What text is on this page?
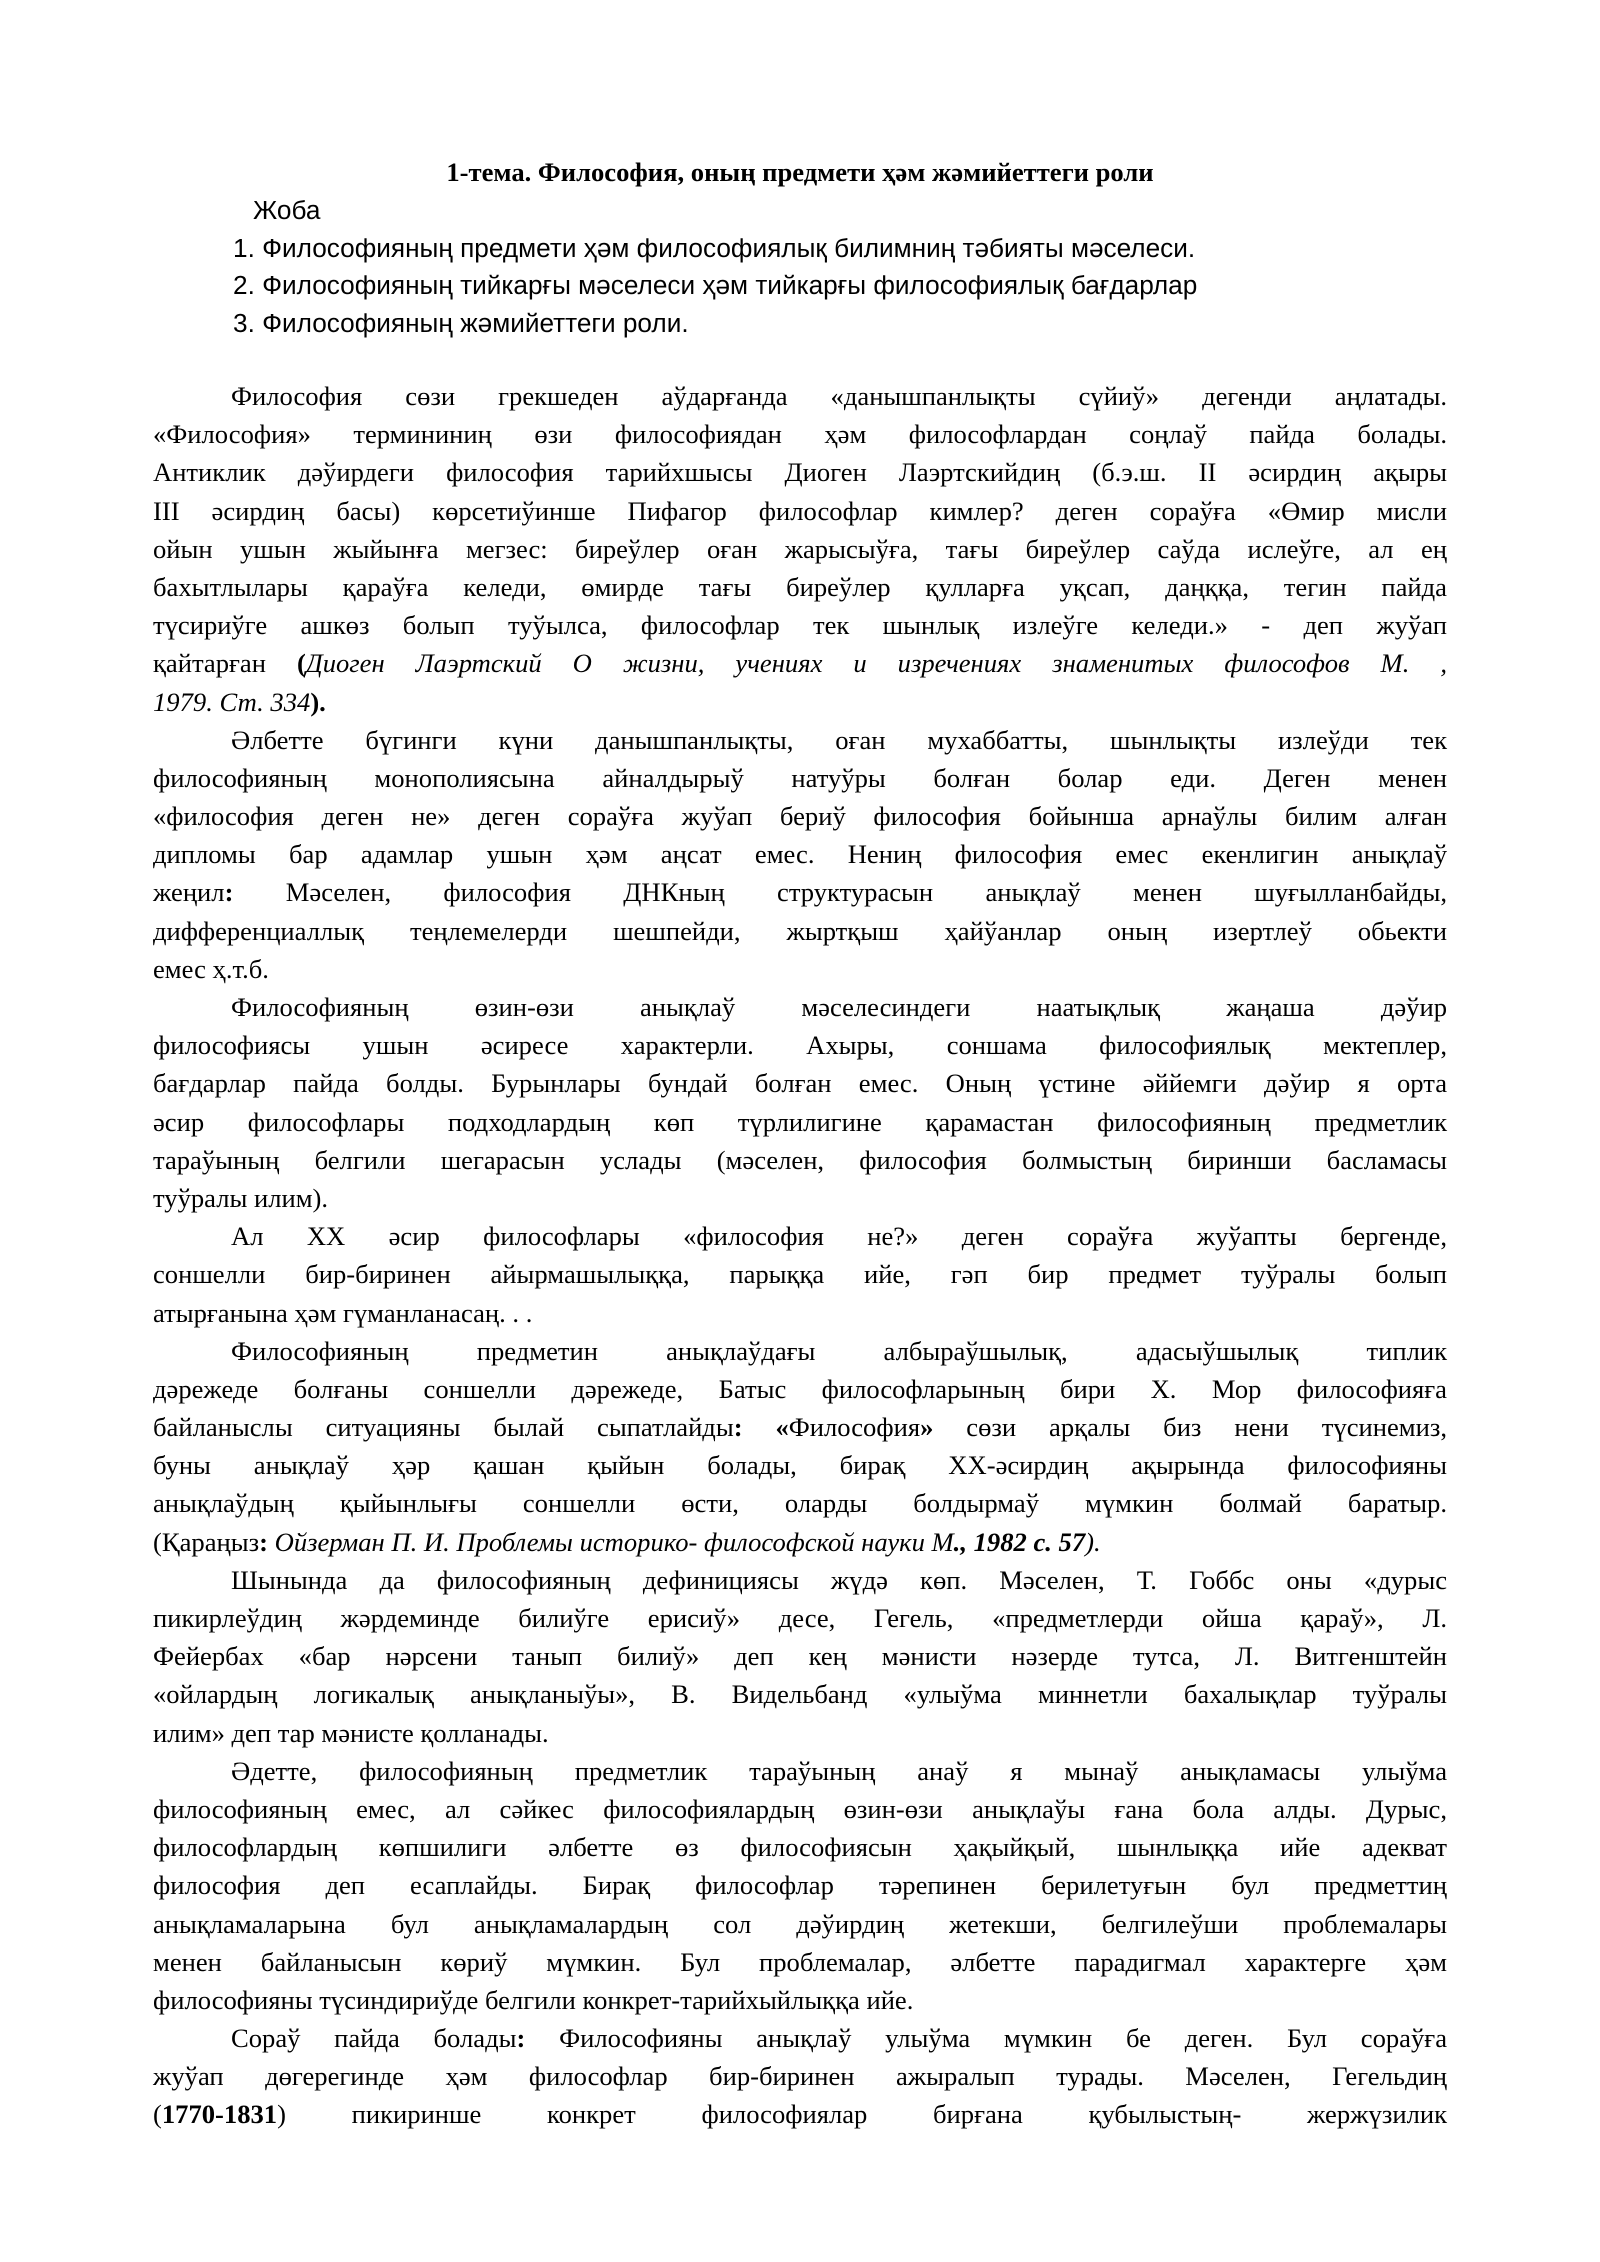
1-тема. Философия, оның предмети ҳәм жәмийеттеги роли

Жоба
1. Философияның предмети ҳәм философиялық билимниң тәбияты мәселеси.
2. Философияның тийкарғы мәселеси ҳәм тийкарғы философиялық бағдарлар
3. Философияның жәмийеттеги роли.
Философия сөзи грекшеден аўдарғанда «данышпанлықты сүйиў» дегенди аңлатады.
«Философия» термининиң өзи философиядан ҳәм философлардан соңлаў пайда болады.
Антиклик дәўирдеги философия тарийхшысы Диоген Лаэртскийдиң (б.э.ш. II әсирдиң ақыры
III әсирдиң басы) көрсетиўинше Пифагор философлар кимлер? деген сораўға «Өмир мисли
ойын ушын жыйынға мегзес: биреўлер оған жарысыўға, тағы биреўлер саўда ислеўге, ал ең
бахытлылары қараўға келеди, өмирде тағы биреўлер қулларға уқсап, даңққа, тегин пайда
түсириўге ашкөз болып туўылса, философлар тек шынлық излеўге келеди.» - деп жуўап
қайтарған (Диоген Лаэртский О жизни, учениях и изречениях знаменитых философов М. ,
1979. Ст. 334).
Әлбетте бүгинги күни данышпанлықты, оған мухаббатты, шынлықты излеўди тек
философияның монополиясына айналдырыў натуўры болған болар еди. Деген менен
«философия деген не» деген сораўға жуўап бериў философия бойынша арнаўлы билим алған
дипломы бар адамлар ушын ҳәм аңсат емес. Нениң философия емес екенлигин анықлаў
жеңил: Мәселен, философия ДНКның структурасын анықлаў менен шуғылланбайды,
дифференциаллық теңлемелерди шешпейди, жыртқыш ҳайўанлар оның изертлеў обьекти
емес ҳ.т.б.
Философияның өзин-өзи анықлаў мәселесиндеги наатықлық жаңаша дәўир
философиясы ушын әсиресе характерли. Ахыры, соншама философиялық мектеплер,
бағдарлар пайда болды. Бурынлары бундай болған емес. Оның үстине әййемги дәўир я орта
әсир философлары подходлардың көп түрлилигине қарамастан философияның предметлик
тараўының белгили шегарасын услады (мәселен, философия болмыстың биринши басламасы
туўралы илим).
Ал XX әсир философлары «философия не?» деген сораўға жуўапты бергенде,
соншелли бир-биринен айырмашылыққа, парыққа ийе, гәп бир предмет туўралы болып
атырғанына ҳәм гүманланасаң. . .
Философияның предметин анықлаўдағы албыраўшылық, адасыўшылық типлик
дәрежеде болғаны соншелли дәрежеде, Батыс философларының бири Х. Мор философияға
байланыслы ситуацияны былай сыпатлайды: «Философия» сөзи арқалы биз нени түсинемиз,
буны анықлаў ҳәр қашан қыйын болады, бирақ XX-әсирдиң ақырында философияны
анықлаўдың қыйынлығы соншелли өсти, оларды болдырмаў мүмкин болмай баратыр.
(Қараңыз: Ойзерман П. И. Проблемы историко- философской науки М., 1982 с. 57).
Шынында да философияның дефинициясы жүдә көп. Мәселен, Т. Гоббс оны «дурыс
пикирлеўдиң жәрдеминде билиўге ерисиў» десе, Гегель, «предметлерди ойша қараў», Л.
Фейербах «бар нәрсени танып билиў» деп кең мәнисти нәзерде тутса, Л. Витгенштейн
«ойлардың логикалық анықланыўы», В. Видельбанд «улыўма миннетли бахалықлар туўралы
илим» деп тар мәнисте қолланады.
Әдетте, философияның предметлик тараўының анаў я мынаў анықламасы улыўма
философияның емес, ал сәйкес философиялардың өзин-өзи анықлаўы ғана бола алды. Дурыс,
философлардың көпшилиги әлбетте өз философиясын ҳақыйқый, шынлыққа ийе адекват
философия деп есаплайды. Бирақ философлар тәрепинен берилетуғын бул предметтиң
анықламаларына бул анықламалардың сол дәўирдиң жетекши, белгилеўши проблемалары
менен байланысын көриў мүмкин. Бул проблемалар, әлбетте парадигмал характерге ҳәм
философияны түсиндириўде белгили конкрет-тарийхыйлыққа ийе.
Сораў пайда болады: Философияны анықлаў улыўма мүмкин бе деген. Бул сораўға
жуўап дөгерегинде ҳәм философлар бир-биринен ажыралып турады. Мәселен, Гегельдиң
(1770-1831) пикиринше конкрет философиялар бирғана қубылыстың- жержүзилик
